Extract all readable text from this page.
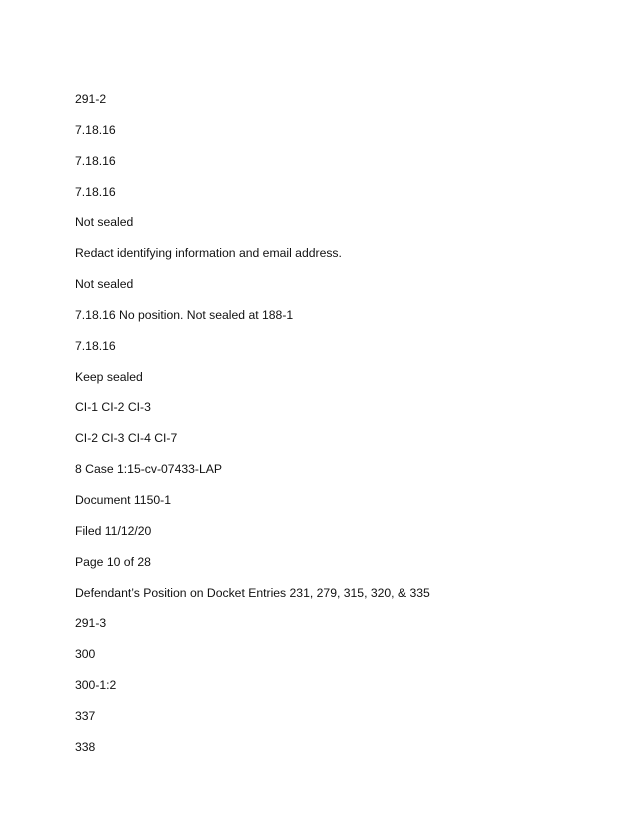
291-2
7.18.16
7.18.16
7.18.16
Not sealed
Redact identifying information and email address.
Not sealed
7.18.16 No position. Not sealed at 188-1
7.18.16
Keep sealed
CI-1 CI-2 CI-3
CI-2 CI-3 CI-4 CI-7
8 Case 1:15-cv-07433-LAP
Document 1150-1
Filed 11/12/20
Page 10 of 28
Defendant’s Position on Docket Entries 231, 279, 315, 320, & 335
291-3
300
300-1:2
337
338
